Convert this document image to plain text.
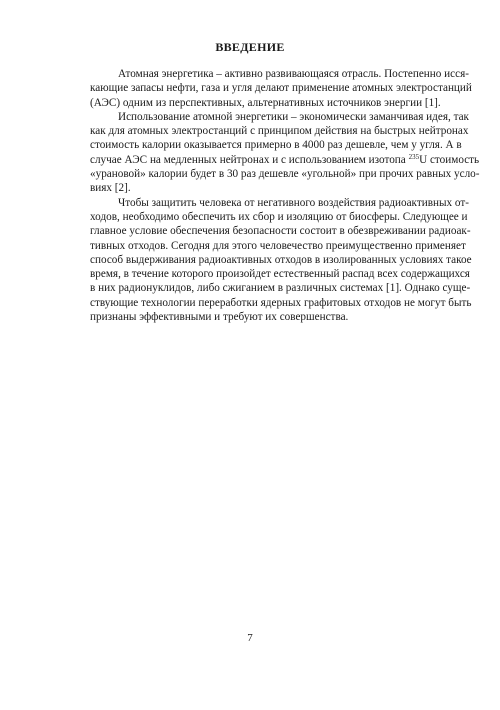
ВВЕДЕНИЕ
Атомная энергетика – активно развивающаяся отрасль. Постепенно исся-
кающие запасы нефти, газа и угля делают применение атомных электростанций
(АЭС) одним из перспективных, альтернативных источников энергии [1].
Использование атомной энергетики – экономически заманчивая идея, так
как для атомных электростанций с принципом действия на быстрых нейтронах
стоимость калории оказывается примерно в 4000 раз дешевле, чем у угля. А в
случае АЭС на медленных нейтронах и с использованием изотопа $^{235}$U стоимость
«урановой» калории будет в 30 раз дешевле «угольной» при прочих равных усло-
виях [2].
Чтобы защитить человека от негативного воздействия радиоактивных от-
ходов, необходимо обеспечить их сбор и изоляцию от биосферы. Следующее и
главное условие обеспечения безопасности состоит в обезвреживании радиоак-
тивных отходов. Сегодня для этого человечество преимущественно применяет
способ выдерживания радиоактивных отходов в изолированных условиях такое
время, в течение которого произойдет естественный распад всех содержащихся
в них радионуклидов, либо сжиганием в различных системах [1]. Однако суще-
ствующие технологии переработки ядерных графитовых отходов не могут быть
признаны эффективными и требуют их совершенства.
7
